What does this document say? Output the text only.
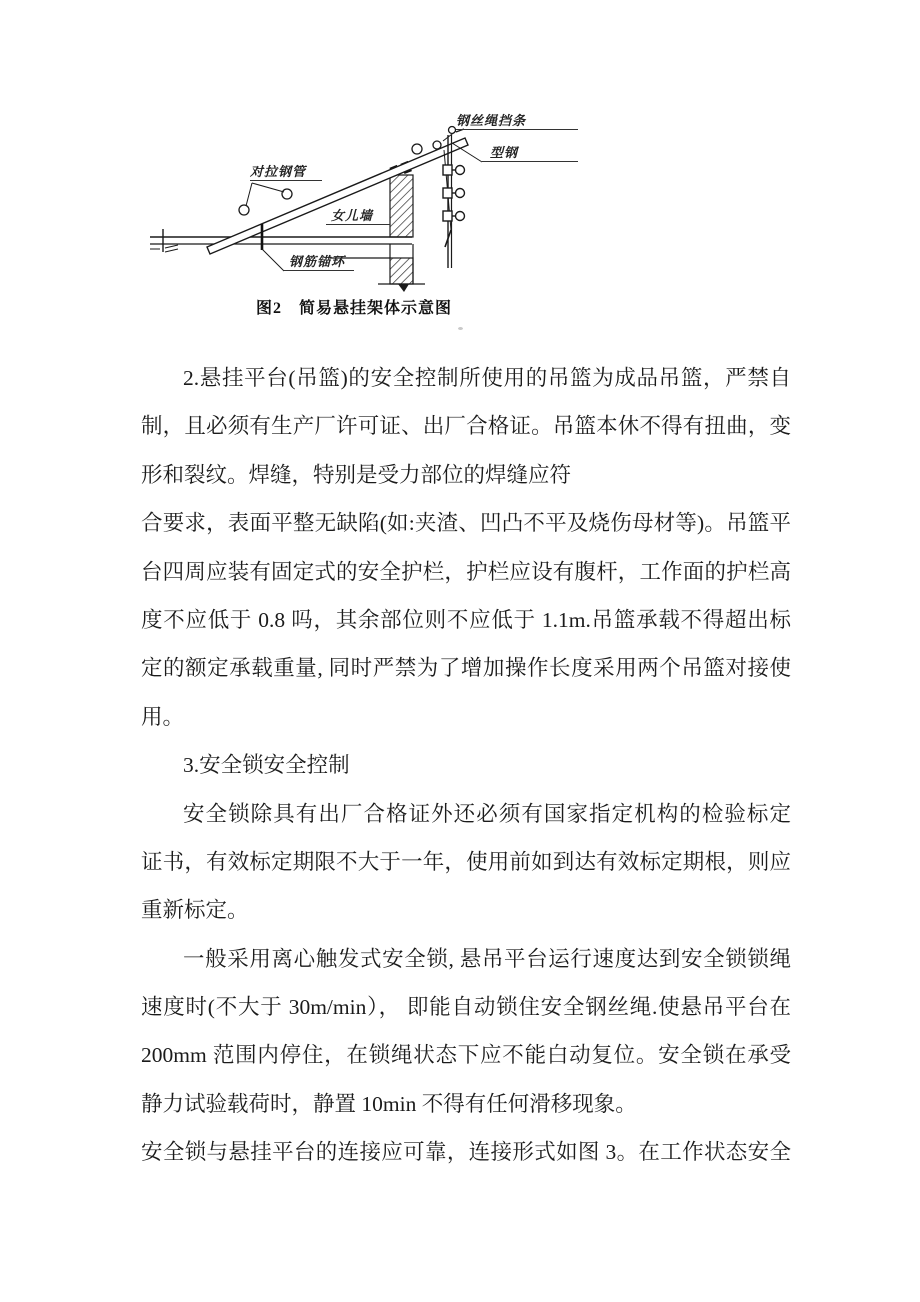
钢丝绳挡条
型钢
对拉钢管
女儿墙
钢筋锚环
图2　简易悬挂架体示意图
2.悬挂平台(吊篮)的安全控制所使用的吊篮为成品吊篮，严禁自
制，且必须有生产厂许可证、出厂合格证。吊篮本休不得有扭曲，变
形和裂纹。焊缝，特别是受力部位的焊缝应符
合要求，表面平整无缺陷(如:夹渣、凹凸不平及烧伤母材等)。吊篮平
台四周应装有固定式的安全护栏，护栏应设有腹杆，工作面的护栏高
度不应低于 0.8 吗，其余部位则不应低于 1.1m.吊篮承载不得超出标
定的额定承载重量, 同时严禁为了增加操作长度采用两个吊篮对接使
用。
3.安全锁安全控制
安全锁除具有出厂合格证外还必须有国家指定机构的检验标定
证书，有效标定期限不大于一年，使用前如到达有效标定期根，则应
重新标定。
一般采用离心触发式安全锁, 悬吊平台运行速度达到安全锁锁绳
速度时(不大于 30m/min）， 即能自动锁住安全钢丝绳.使悬吊平台在
200mm 范围内停住，在锁绳状态下应不能白动复位。安全锁在承受
静力试验载荷时，静置 10min 不得有任何滑移现象。
安全锁与悬挂平台的连接应可靠，连接形式如图 3。在工作状态安全
